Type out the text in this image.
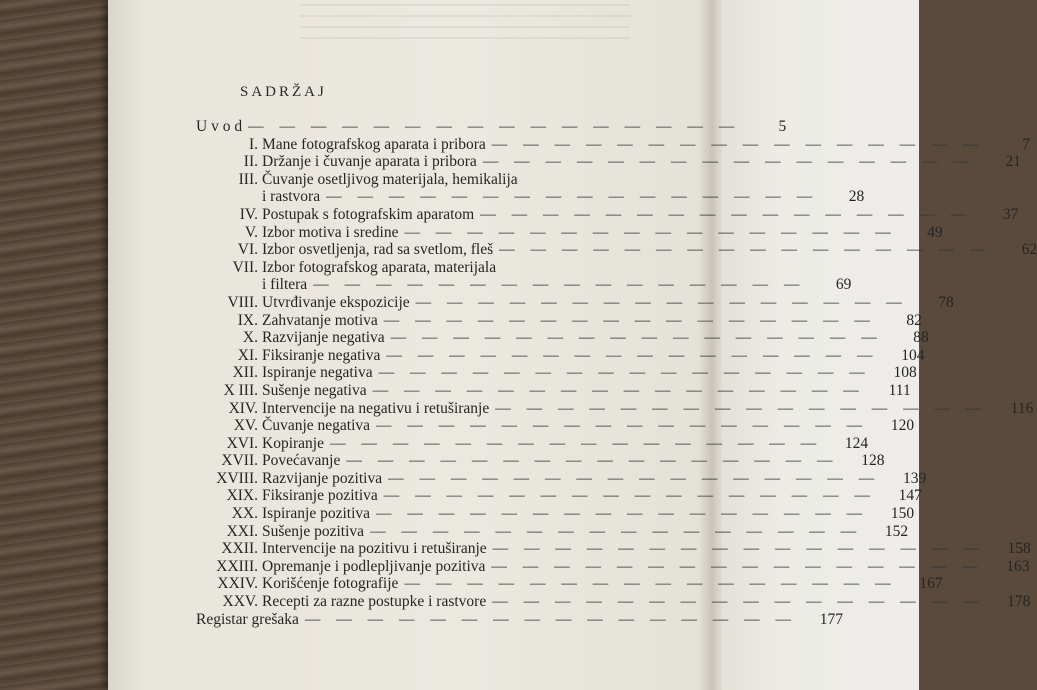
SADRŽAJ
U v o d — — — — — — — — — — — — — — — —	5
I. Mane fotografskog aparata i pribora — — — — — — — — — — — — — — — —	7
II. Držanje i čuvanje aparata i pribora — — — — — — — — — — — — — — — —	21
III. Čuvanje osetljivog materijala, hemikalija
i rastvora — — — — — — — — — — — — — — — —	28
IV. Postupak s fotografskim aparatom — — — — — — — — — — — — — — — —	37
V. Izbor motiva i sredine — — — — — — — — — — — — — — — —	49
VI. Izbor osvetljenja, rad sa svetlom, fleš — — — — — — — — — — — — — — — —	62
VII. Izbor fotografskog aparata, materijala
i filtera — — — — — — — — — — — — — — — —	69
VIII. Utvrđivanje ekspozicije — — — — — — — — — — — — — — — —	78
IX. Zahvatanje motiva — — — — — — — — — — — — — — — —	82
X. Razvijanje negativa — — — — — — — — — — — — — — — —	88
XI. Fiksiranje negativa — — — — — — — — — — — — — — — —	104
XII. Ispiranje negativa — — — — — — — — — — — — — — — —	108
X III. Sušenje negativa — — — — — — — — — — — — — — — —	111
XIV. Intervencije na negativu i retuširanje — — — — — — — — — — — — — — — —	116
XV. Čuvanje negativa — — — — — — — — — — — — — — — —	120
XVI. Kopiranje — — — — — — — — — — — — — — — —	124
XVII. Povećavanje — — — — — — — — — — — — — — — —	128
XVIII. Razvijanje pozitiva — — — — — — — — — — — — — — — —	139
XIX. Fiksiranje pozitiva — — — — — — — — — — — — — — — —	147
XX. Ispiranje pozitiva — — — — — — — — — — — — — — — —	150
XXI. Sušenje pozitiva — — — — — — — — — — — — — — — —	152
XXII. Intervencije na pozitivu i retuširanje — — — — — — — — — — — — — — — —	158
XXIII. Opremanje i podlepljivanje pozitiva — — — — — — — — — — — — — — — —	163
XXIV. Korišćenje fotografije — — — — — — — — — — — — — — — —	167
XXV. Recepti za razne postupke i rastvore — — — — — — — — — — — — — — — —	178
Registar grešaka — — — — — — — — — — — — — — — —	177
